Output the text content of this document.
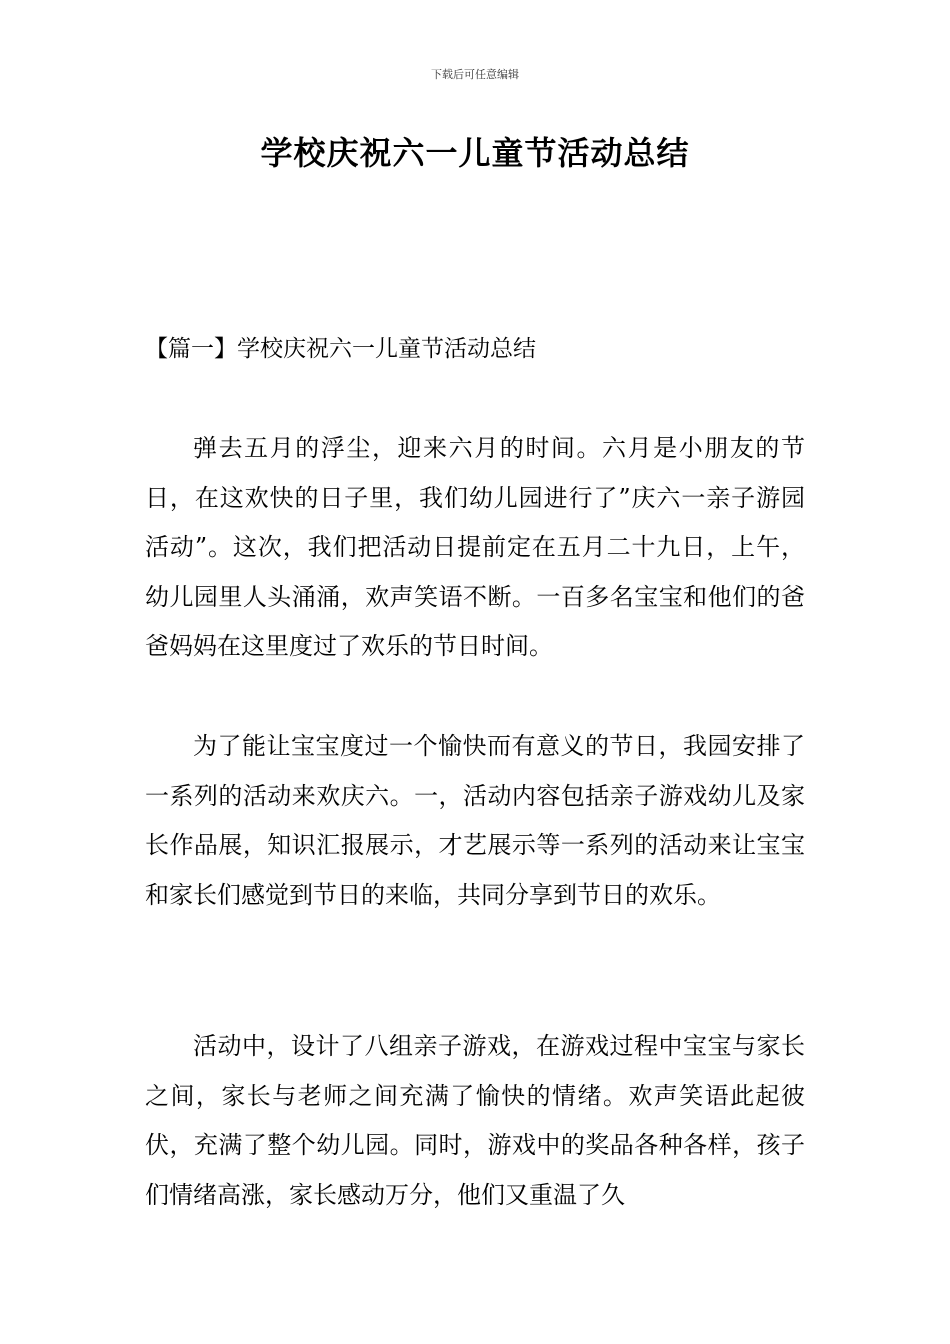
下载后可任意编辑
学校庆祝六一儿童节活动总结
【篇一】学校庆祝六一儿童节活动总结

弹去五月的浮尘，迎来六月的时间。六月是小朋友的节日，在这欢快的日子里，我们幼儿园进行了”庆六一亲子游园活动”。这次，我们把活动日提前定在五月二十九日，上午，幼儿园里人头涌涌，欢声笑语不断。一百多名宝宝和他们的爸爸妈妈在这里度过了欢乐的节日时间。

为了能让宝宝度过一个愉快而有意义的节日，我园安排了一系列的活动来欢庆六。一，活动内容包括亲子游戏幼儿及家长作品展，知识汇报展示，才艺展示等一系列的活动来让宝宝和家长们感觉到节日的来临，共同分享到节日的欢乐。

活动中，设计了八组亲子游戏，在游戏过程中宝宝与家长之间，家长与老师之间充满了愉快的情绪。欢声笑语此起彼伏，充满了整个幼儿园。同时，游戏中的奖品各种各样，孩子们情绪高涨，家长感动万分，他们又重温了久
